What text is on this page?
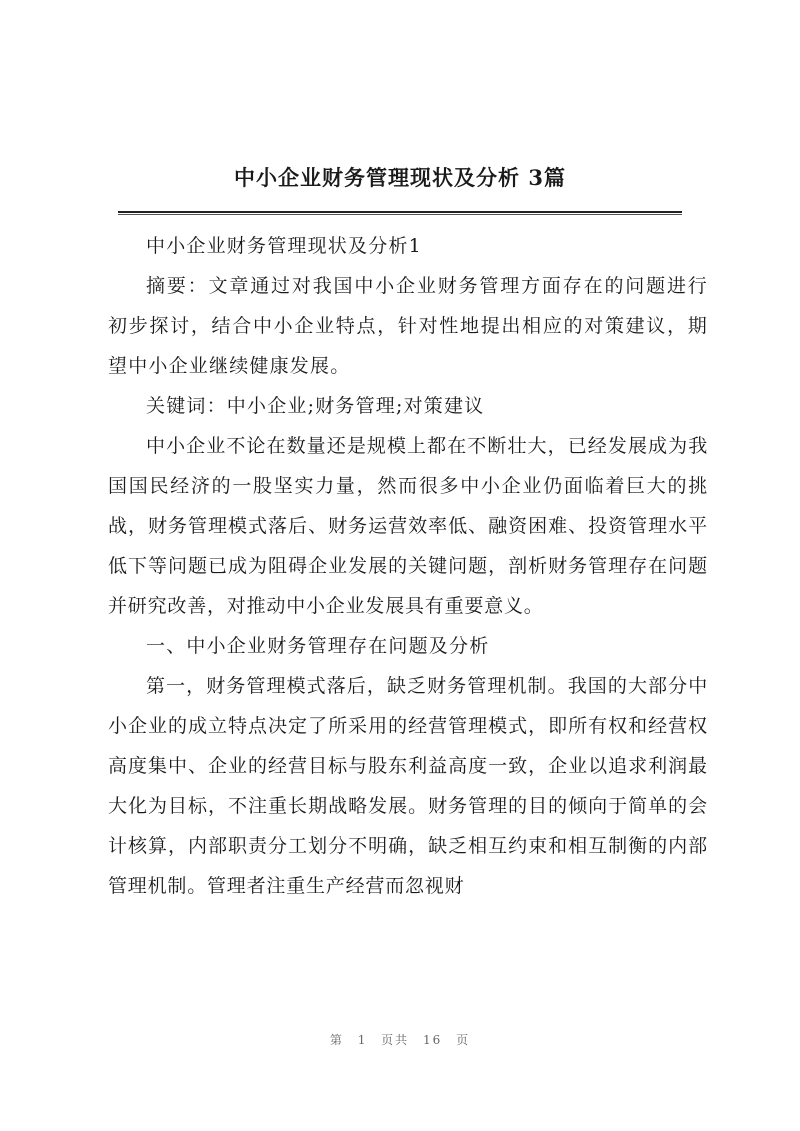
中小企业财务管理现状及分析 3篇

中小企业财务管理现状及分析1

摘要：文章通过对我国中小企业财务管理方面存在的问题进行初步探讨，结合中小企业特点，针对性地提出相应的对策建议，期望中小企业继续健康发展。

关键词：中小企业;财务管理;对策建议

中小企业不论在数量还是规模上都在不断壮大，已经发展成为我国国民经济的一股坚实力量，然而很多中小企业仍面临着巨大的挑战，财务管理模式落后、财务运营效率低、融资困难、投资管理水平低下等问题已成为阻碍企业发展的关键问题，剖析财务管理存在问题并研究改善，对推动中小企业发展具有重要意义。

一、中小企业财务管理存在问题及分析

第一，财务管理模式落后，缺乏财务管理机制。我国的大部分中小企业的成立特点决定了所采用的经营管理模式，即所有权和经营权高度集中、企业的经营目标与股东利益高度一致，企业以追求利润最大化为目标，不注重长期战略发展。财务管理的目的倾向于简单的会计核算，内部职责分工划分不明确，缺乏相互约束和相互制衡的内部管理机制。管理者注重生产经营而忽视财

第 1 页共 16 页
